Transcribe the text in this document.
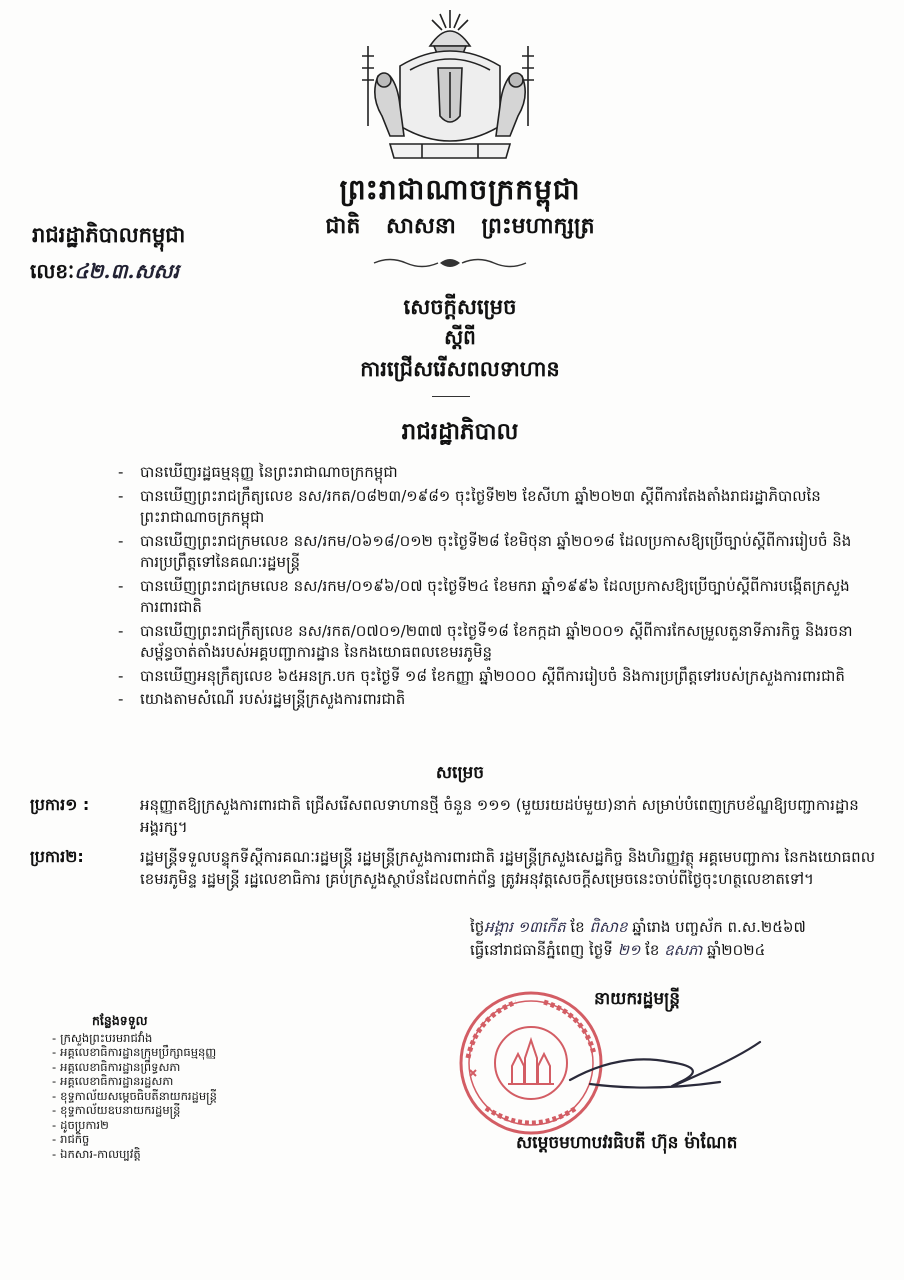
ព្រះរាជាណាចក្រកម្ពុជា
ជាតិ សាសនា ព្រះមហាក្សត្រ
រាជរដ្ឋាភិបាលកម្ពុជា
លេខៈ៤២.៣.សសរ
សេចក្ដីសម្រេច
ស្ដីពី
ការជ្រើសរើសពលទាហាន
រាជរដ្ឋាភិបាល
- បានឃើញរដ្ឋធម្មនុញ្ញ នៃព្រះរាជាណាចក្រកម្ពុជា
- បានឃើញព្រះរាជក្រឹត្យលេខ នស/រកត/០៨២៣/១៩៨១ ចុះថ្ងៃទី២២ ខែសីហា ឆ្នាំ២០២៣ ស្ដីពីការតែងតាំងរាជរដ្ឋាភិបាលនៃព្រះរាជាណាចក្រកម្ពុជា
- បានឃើញព្រះរាជក្រមលេខ នស/រកម/០៦១៨/០១២ ចុះថ្ងៃទី២៨ ខែមិថុនា ឆ្នាំ២០១៨ ដែលប្រកាសឱ្យប្រើច្បាប់ស្ដីពីការរៀបចំ និងការប្រព្រឹត្តទៅនៃគណៈរដ្ឋមន្ត្រី
- បានឃើញព្រះរាជក្រមលេខ នស/រកម/០១៩៦/០៧ ចុះថ្ងៃទី២៤ ខែមករា ឆ្នាំ១៩៩៦ ដែលប្រកាសឱ្យប្រើច្បាប់ស្ដីពីការបង្កើតក្រសួងការពារជាតិ
- បានឃើញព្រះរាជក្រឹត្យលេខ នស/រកត/០៧០១/២៣៧ ចុះថ្ងៃទី១៨ ខែកក្កដា ឆ្នាំ២០០១ ស្ដីពីការកែសម្រួលតួនាទីភារកិច្ច និងរចនាសម្ព័ន្ធចាត់តាំងរបស់អគ្គបញ្ជាការដ្ឋាន នៃកងយោធពលខេមរភូមិន្ទ
- បានឃើញអនុក្រឹត្យលេខ ៦៥អនក្រ.បក ចុះថ្ងៃទី ១៨ ខែកញ្ញា ឆ្នាំ២០០០ ស្ដីពីការរៀបចំ និងការប្រព្រឹត្តទៅរបស់ក្រសួងការពារជាតិ
- យោងតាមសំណើ របស់រដ្ឋមន្ត្រីក្រសួងការពារជាតិ
សម្រេច
ប្រការ១ :	អនុញ្ញាតឱ្យក្រសួងការពារជាតិ ជ្រើសរើសពលទាហានថ្មី ចំនួន ១១១ (មួយរយដប់មួយ)នាក់ សម្រាប់បំពេញក្របខ័ណ្ឌឱ្យបញ្ជាការដ្ឋានអង្គរក្ស។
ប្រការ២:	រដ្ឋមន្ត្រីទទួលបន្ទុកទីស្ដីការគណៈរដ្ឋមន្ត្រី រដ្ឋមន្ត្រីក្រសួងការពារជាតិ រដ្ឋមន្ត្រីក្រសួងសេដ្ឋកិច្ច និងហិរញ្ញវត្ថុ អគ្គមេបញ្ជាការ នៃកងយោធពលខេមរភូមិន្ទ រដ្ឋមន្ត្រី រដ្ឋលេខាធិការ គ្រប់ក្រសួងស្ថាប័នដែលពាក់ព័ន្ធ ត្រូវអនុវត្តសេចក្ដីសម្រេចនេះចាប់ពីថ្ងៃចុះហត្ថលេខាតទៅ។
ថ្ងៃអង្គារ ១៣កើត ខែ ពិសាខ ឆ្នាំរោង បញ្ចស័ក ព.ស.២៥៦៧
ធ្វើនៅរាជធានីភ្នំពេញ ថ្ងៃទី ២១ ខែ ឧសភា ឆ្នាំ២០២៤
នាយករដ្ឋមន្ត្រី
សម្ដេចមហាបវរធិបតី ហ៊ុន ម៉ាណែត
កន្លែងទទួល
- ក្រសួងព្រះបរមរាជវាំង
- អគ្គលេខាធិការដ្ឋានក្រុមប្រឹក្សាធម្មនុញ្ញ
- អគ្គលេខាធិការដ្ឋានព្រឹទ្ធសភា
- អគ្គលេខាធិការដ្ឋានរដ្ឋសភា
- ខុទ្ទកាល័យសម្ដេចធិបតីនាយករដ្ឋមន្ត្រី
- ខុទ្ទកាល័យឧបនាយករដ្ឋមន្ត្រី
- ដូចប្រការ២
- រាជកិច្ច
- ឯកសារ-កាលប្បវត្តិ
